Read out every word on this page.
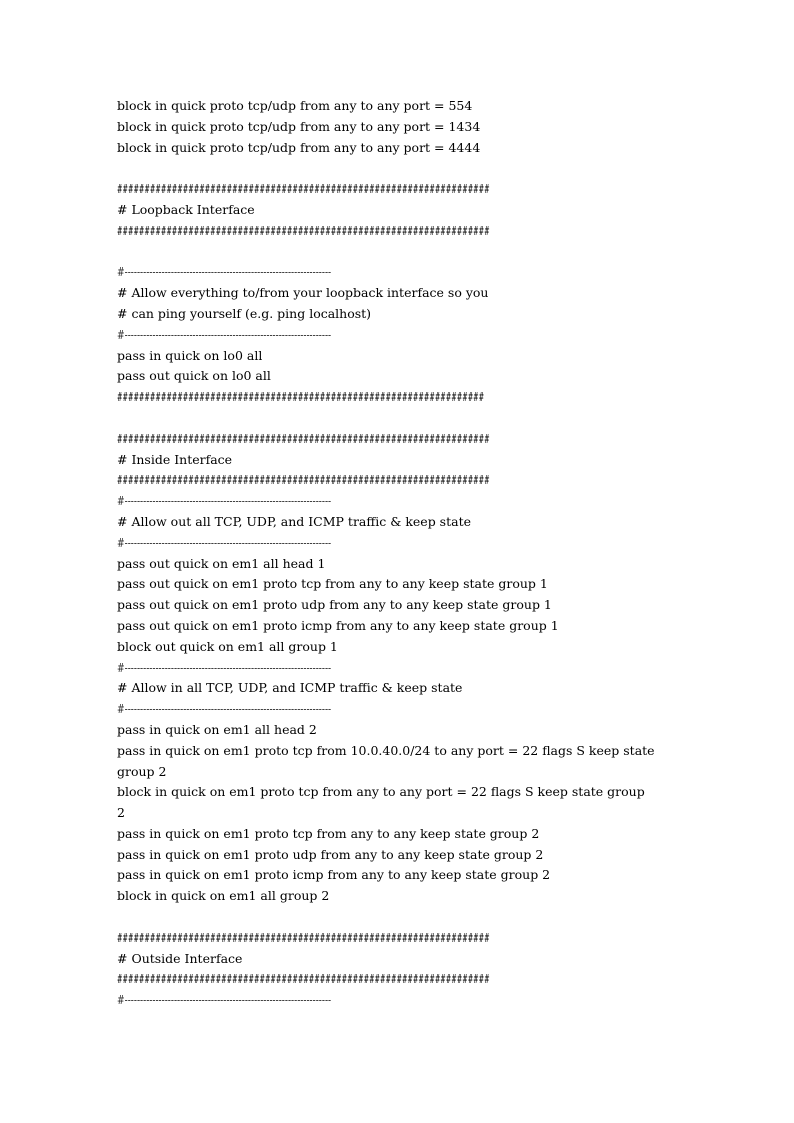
block in quick proto tcp/udp from any to any port = 554
block in quick proto tcp/udp from any to any port = 1434
block in quick proto tcp/udp from any to any port = 4444
####################################################################
# Loopback Interface
####################################################################
#-------------------------------------------------------------------
# Allow everything to/from your loopback interface so you
# can ping yourself (e.g. ping localhost)
#-------------------------------------------------------------------
pass in quick on lo0 all
pass out quick on lo0 all
###################################################################
####################################################################
# Inside Interface
####################################################################
#-------------------------------------------------------------------
# Allow out all TCP, UDP, and ICMP traffic & keep state
#-------------------------------------------------------------------
pass out quick on em1 all head 1
pass out quick on em1 proto tcp from any to any keep state group 1
pass out quick on em1 proto udp from any to any keep state group 1
pass out quick on em1 proto icmp from any to any keep state group 1
block out quick on em1 all group 1
#-------------------------------------------------------------------
# Allow in all TCP, UDP, and ICMP traffic & keep state
#-------------------------------------------------------------------
pass in quick on em1 all head 2
pass in quick on em1 proto tcp from 10.0.40.0/24 to any port = 22 flags S keep state
group 2
block in quick on em1 proto tcp from any to any port = 22 flags S keep state group
2
pass in quick on em1 proto tcp from any to any keep state group 2
pass in quick on em1 proto udp from any to any keep state group 2
pass in quick on em1 proto icmp from any to any keep state group 2
block in quick on em1 all group 2
####################################################################
# Outside Interface
####################################################################
#-------------------------------------------------------------------
